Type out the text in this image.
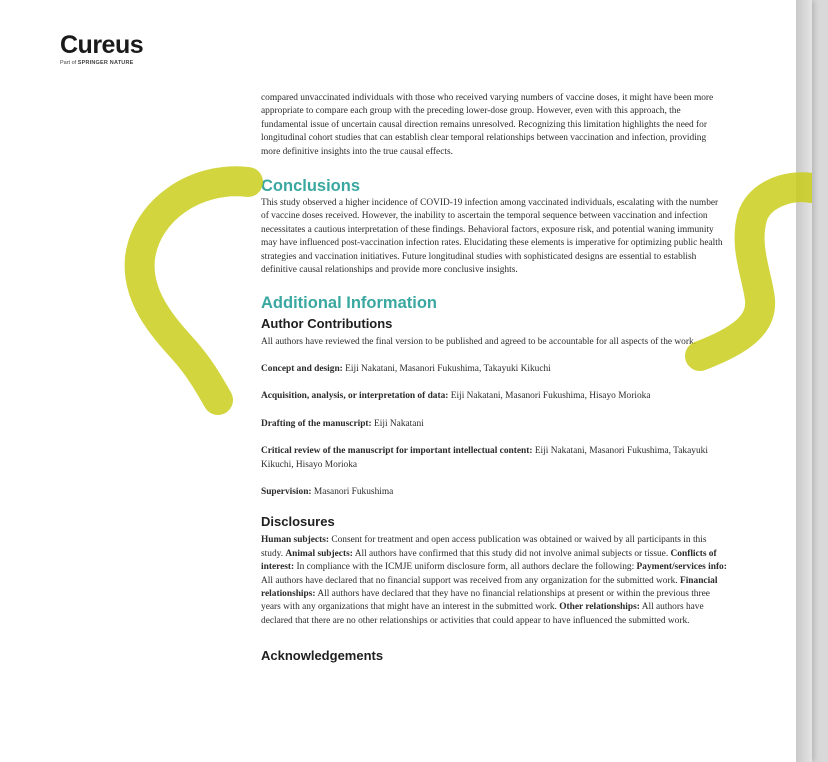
Cureus
Part of SPRINGER NATURE

compared unvaccinated individuals with those who received varying numbers of vaccine doses, it might have been more appropriate to compare each group with the preceding lower-dose group. However, even with this approach, the fundamental issue of uncertain causal direction remains unresolved. Recognizing this limitation highlights the need for longitudinal cohort studies that can establish clear temporal relationships between vaccination and infection, providing more definitive insights into the true causal effects.

Conclusions

This study observed a higher incidence of COVID-19 infection among vaccinated individuals, escalating with the number of vaccine doses received. However, the inability to ascertain the temporal sequence between vaccination and infection necessitates a cautious interpretation of these findings. Behavioral factors, exposure risk, and potential waning immunity may have influenced post-vaccination infection rates. Elucidating these elements is imperative for optimizing public health strategies and vaccination initiatives. Future longitudinal studies with sophisticated designs are essential to establish definitive causal relationships and provide more conclusive insights.

Additional Information
Author Contributions

All authors have reviewed the final version to be published and agreed to be accountable for all aspects of the work.

Concept and design: Eiji Nakatani, Masanori Fukushima, Takayuki Kikuchi

Acquisition, analysis, or interpretation of data: Eiji Nakatani, Masanori Fukushima, Hisayo Morioka

Drafting of the manuscript: Eiji Nakatani

Critical review of the manuscript for important intellectual content: Eiji Nakatani, Masanori Fukushima, Takayuki Kikuchi, Hisayo Morioka

Supervision: Masanori Fukushima

Disclosures

Human subjects: Consent for treatment and open access publication was obtained or waived by all participants in this study. Animal subjects: All authors have confirmed that this study did not involve animal subjects or tissue. Conflicts of interest: In compliance with the ICMJE uniform disclosure form, all authors declare the following: Payment/services info: All authors have declared that no financial support was received from any organization for the submitted work. Financial relationships: All authors have declared that they have no financial relationships at present or within the previous three years with any organizations that might have an interest in the submitted work. Other relationships: All authors have declared that there are no other relationships or activities that could appear to have influenced the submitted work.

Acknowledgements
